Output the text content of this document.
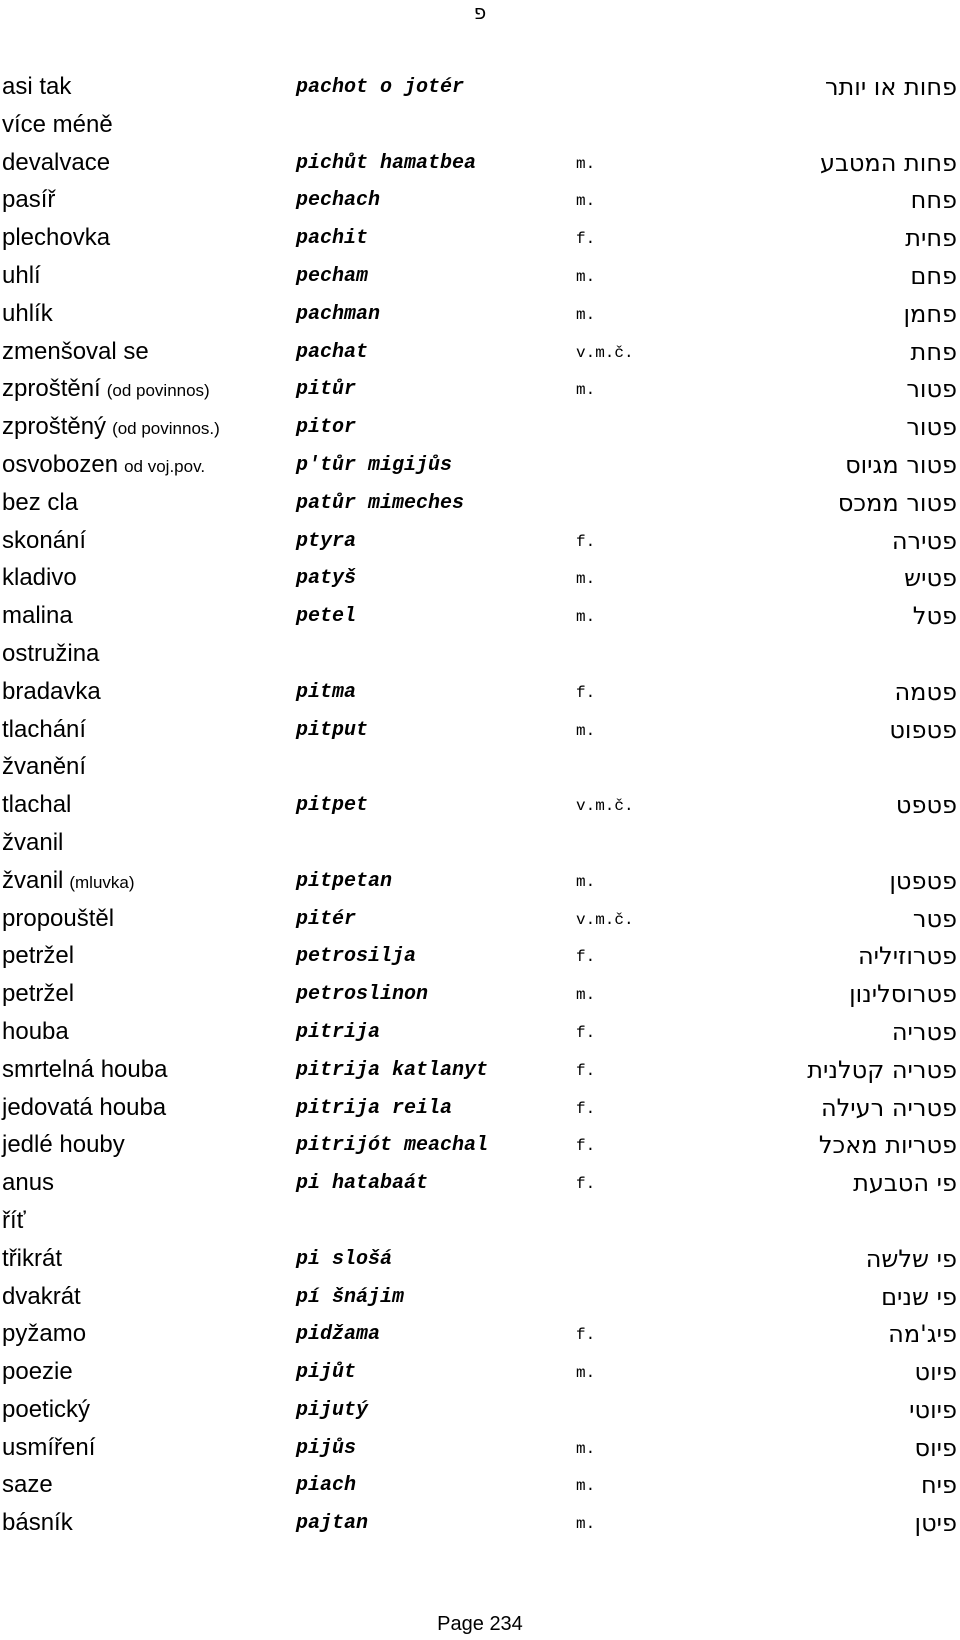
פ
asi tak	pachot o jotér	פחות או יותר
více méně
devalvace	pichůt hamatbea	m.	פחות המטבע
pasíř	pechach	m.	פחח
plechovka	pachit	f.	פחית
uhlí	pecham	m.	פחם
uhlík	pachman	m.	פחמן
zmenšoval se	pachat	v.m.č.	פחת
zproštění (od povinnos)	pitůr	m.	פטור
zproštěný (od povinnos.)	pitor	פטור
osvobozen od voj.pov.	p'tůr migijůs	פטור מגיוס
bez cla	patůr mimeches	פטור ממכס
skonání	ptyra	f.	פטירה
kladivo	patyš	m.	פטיש
malina	petel	m.	פטל
ostružina
bradavka	pitma	f.	פטמה
tlachání	pitput	m.	פטפוט
žvanění
tlachal	pitpet	v.m.č.	פטפט
žvanil
žvanil (mluvka)	pitpetan	m.	פטפטן
propouštěl	pitér	v.m.č.	פטר
petržel	petrosilja	f.	פטרוזיליה
petržel	petroslinon	m.	פטרוסלינון
houba	pitrija	f.	פטריה
smrtelná houba	pitrija katlanyt	f.	פטריה קטלנית
jedovatá houba	pitrija reila	f.	פטריה רעילה
jedlé houby	pitrijót meachal	f.	פטריות מאכל
anus	pi hatabaát	f.	פי הטבעת
říť
třikrát	pi slošá	פי שלשה
dvakrát	pí šnájim	פי שנים
pyžamo	pidžama	f.	פיג'מה
poezie	pijůt	m.	פיוט
poetický	pijutý	פיוטי
usmíření	pijůs	m.	פיוס
saze	piach	m.	פיח
básník	pajtan	m.	פיטן
Page 234
